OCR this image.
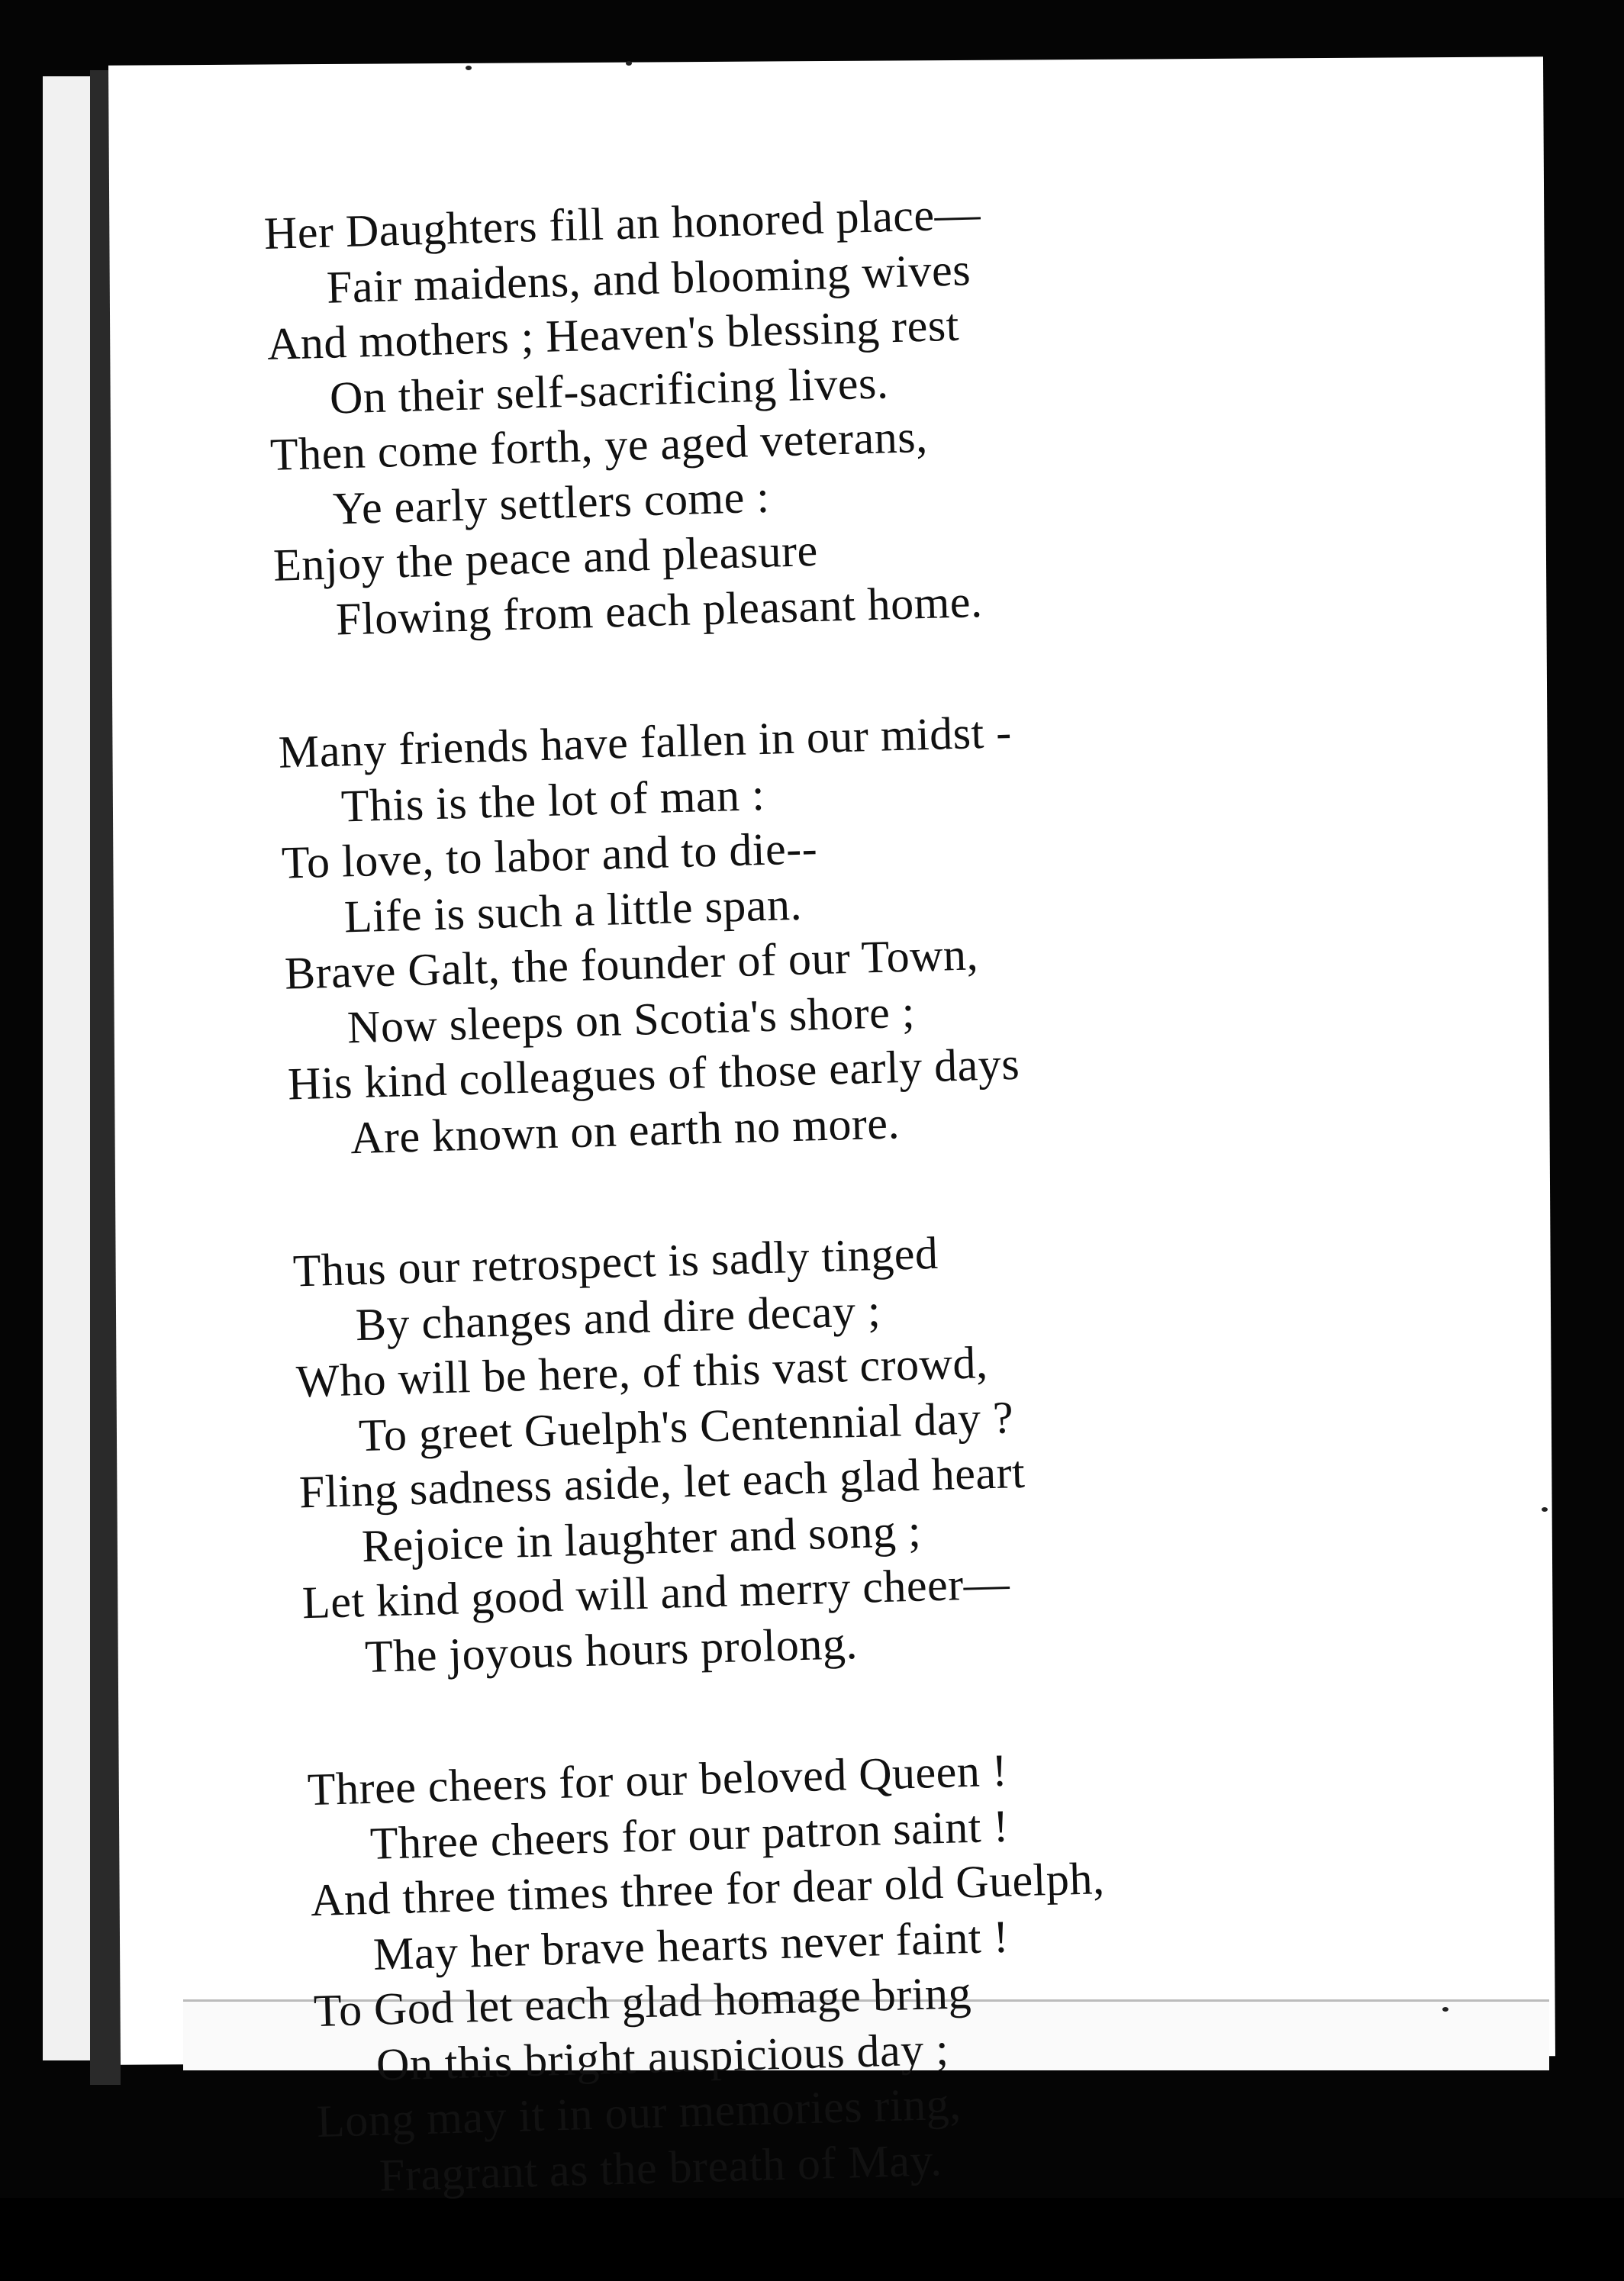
Her Daughters fill an honored place—
Fair maidens, and blooming wives
And mothers ; Heaven's blessing rest
On their self-sacrificing lives.
Then come forth, ye aged veterans,
Ye early settlers come :
Enjoy the peace and pleasure
Flowing from each pleasant home.
Many friends have fallen in our midst -
This is the lot of man :
To love, to labor and to die--
Life is such a little span.
Brave Galt, the founder of our Town,
Now sleeps on Scotia's shore ;
His kind colleagues of those early days
Are known on earth no more.
Thus our retrospect is sadly tinged
By changes and dire decay ;
Who will be here, of this vast crowd,
To greet Guelph's Centennial day ?
Fling sadness aside, let each glad heart
Rejoice in laughter and song ;
Let kind good will and merry cheer—
The joyous hours prolong.
Three cheers for our beloved Queen !
Three cheers for our patron saint !
And three times three for dear old Guelph,
May her brave hearts never faint !
To God let each glad homage bring
On this bright auspicious day ;
Long may it in our memories ring,
Fragrant as the breath of May.
